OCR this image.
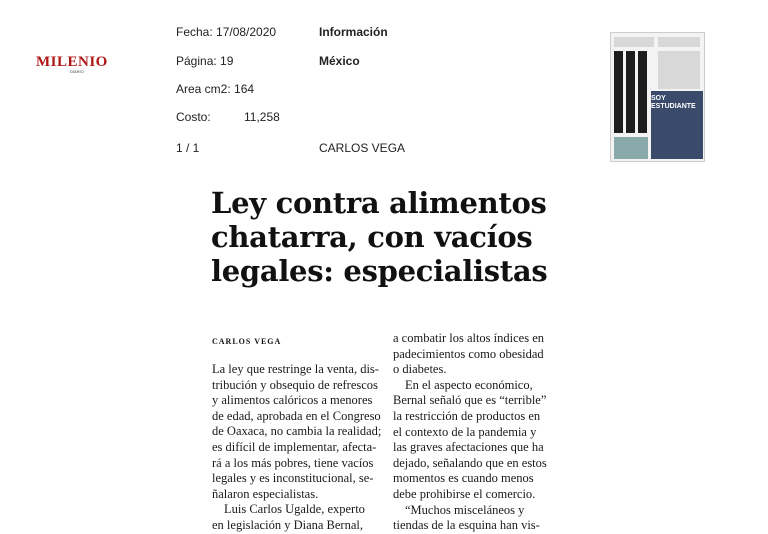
MILENIO
DIARIO
Fecha: 17/08/2020
Página: 19
Area cm2: 164
Costo:	11,258
1 / 1
Información
México
CARLOS VEGA
SOY ESTUDIANTE
Ley contra alimentos
chatarra, con vacíos
legales: especialistas
CARLOS VEGA
La ley que restringe la venta, dis-
tribución y obsequio de refrescos
y alimentos calóricos a menores
de edad, aprobada en el Congreso
de Oaxaca, no cambia la realidad;
es difícil de implementar, afecta-
rá a los más pobres, tiene vacíos
legales y es inconstitucional, se-
ñalaron especialistas.
Luis Carlos Ugalde, experto
en legislación y Diana Bernal,
a combatir los altos índices en
padecimientos como obesidad
o diabetes.
En el aspecto económico,
Bernal señaló que es “terrible”
la restricción de productos en
el contexto de la pandemia y
las graves afectaciones que ha
dejado, señalando que en estos
momentos es cuando menos
debe prohibirse el comercio.
“Muchos misceláneos y
tiendas de la esquina han vis-
